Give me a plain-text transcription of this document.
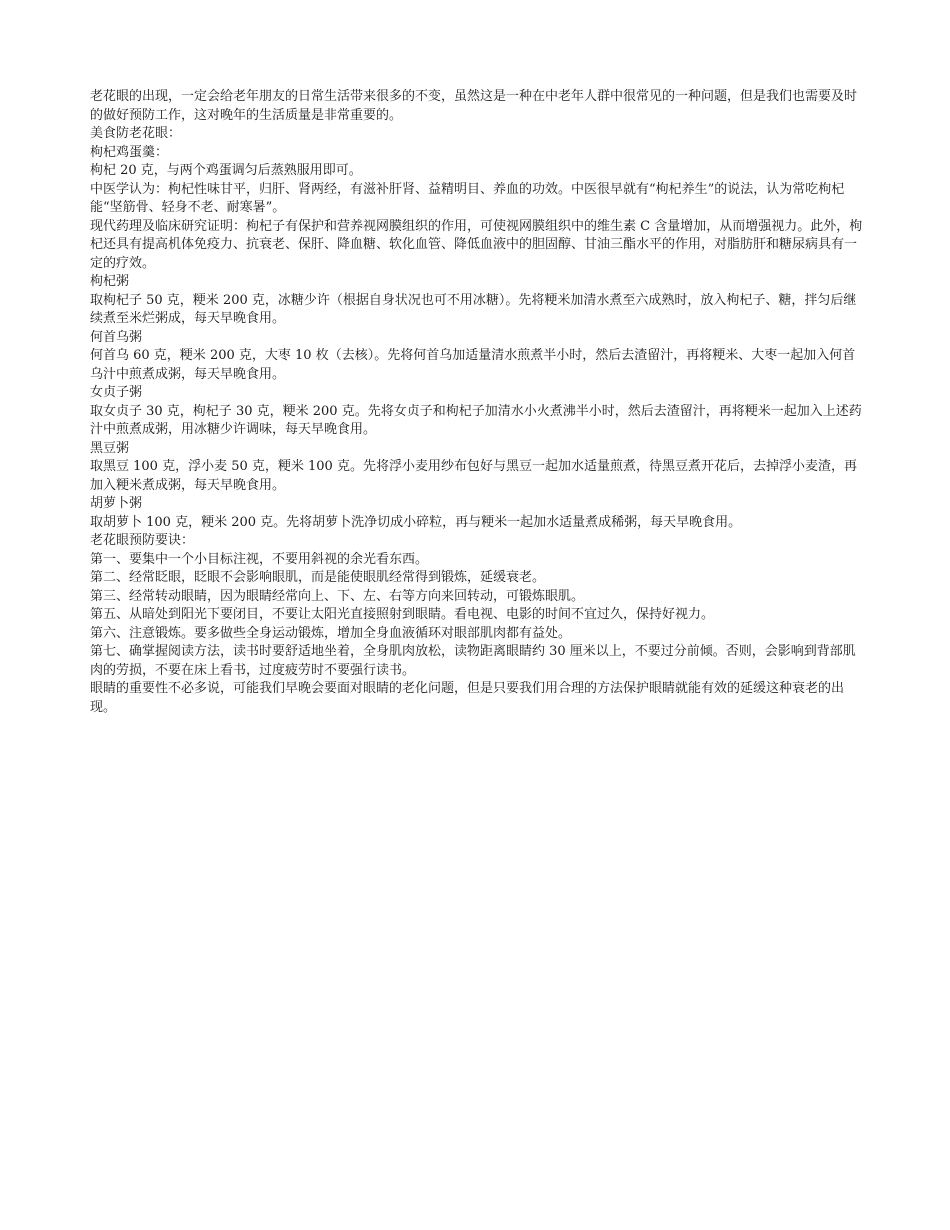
老花眼的出现，一定会给老年朋友的日常生活带来很多的不变，虽然这是一种在中老年人群中很常见的一种问题，但是我们也需要及时的做好预防工作，这对晚年的生活质量是非常重要的。

美食防老花眼：

枸杞鸡蛋羹：

枸杞 20 克，与两个鸡蛋调匀后蒸熟服用即可。

中医学认为：枸杞性味甘平，归肝、肾两经，有滋补肝肾、益精明目、养血的功效。中医很早就有“枸杞养生”的说法，认为常吃枸杞能“坚筋骨、轻身不老、耐寒暑”。

现代药理及临床研究证明：枸杞子有保护和营养视网膜组织的作用，可使视网膜组织中的维生素 C 含量增加，从而增强视力。此外，枸杞还具有提高机体免疫力、抗衰老、保肝、降血糖、软化血管、降低血液中的胆固醇、甘油三酯水平的作用，对脂肪肝和糖尿病具有一定的疗效。

枸杞粥

取枸杞子 50 克，粳米 200 克，冰糖少许（根据自身状况也可不用冰糖）。先将粳米加清水煮至六成熟时，放入枸杞子、糖，拌匀后继续煮至米烂粥成，每天早晚食用。

何首乌粥

何首乌 60 克，粳米 200 克，大枣 10 枚（去核）。先将何首乌加适量清水煎煮半小时，然后去渣留汁，再将粳米、大枣一起加入何首乌汁中煎煮成粥，每天早晚食用。

女贞子粥

取女贞子 30 克，枸杞子 30 克，粳米 200 克。先将女贞子和枸杞子加清水小火煮沸半小时，然后去渣留汁，再将粳米一起加入上述药汁中煎煮成粥，用冰糖少许调味，每天早晚食用。

黑豆粥

取黑豆 100 克，浮小麦 50 克，粳米 100 克。先将浮小麦用纱布包好与黑豆一起加水适量煎煮，待黑豆煮开花后，去掉浮小麦渣，再加入粳米煮成粥，每天早晚食用。

胡萝卜粥

取胡萝卜 100 克，粳米 200 克。先将胡萝卜洗净切成小碎粒，再与粳米一起加水适量煮成稀粥，每天早晚食用。

老花眼预防要诀：

第一、要集中一个小目标注视，不要用斜视的余光看东西。

第二、经常眨眼，眨眼不会影响眼肌，而是能使眼肌经常得到锻炼，延缓衰老。

第三、经常转动眼睛，因为眼睛经常向上、下、左、右等方向来回转动，可锻炼眼肌。

第五、从暗处到阳光下要闭目，不要让太阳光直接照射到眼睛。看电视、电影的时间不宜过久，保持好视力。

第六、注意锻炼。要多做些全身运动锻炼，增加全身血液循环对眼部肌肉都有益处。

第七、确掌握阅读方法，读书时要舒适地坐着，全身肌肉放松，读物距离眼睛约 30 厘米以上，不要过分前倾。否则，会影响到背部肌肉的劳损，不要在床上看书，过度疲劳时不要强行读书。

眼睛的重要性不必多说，可能我们早晚会要面对眼睛的老化问题，但是只要我们用合理的方法保护眼睛就能有效的延缓这种衰老的出现。
